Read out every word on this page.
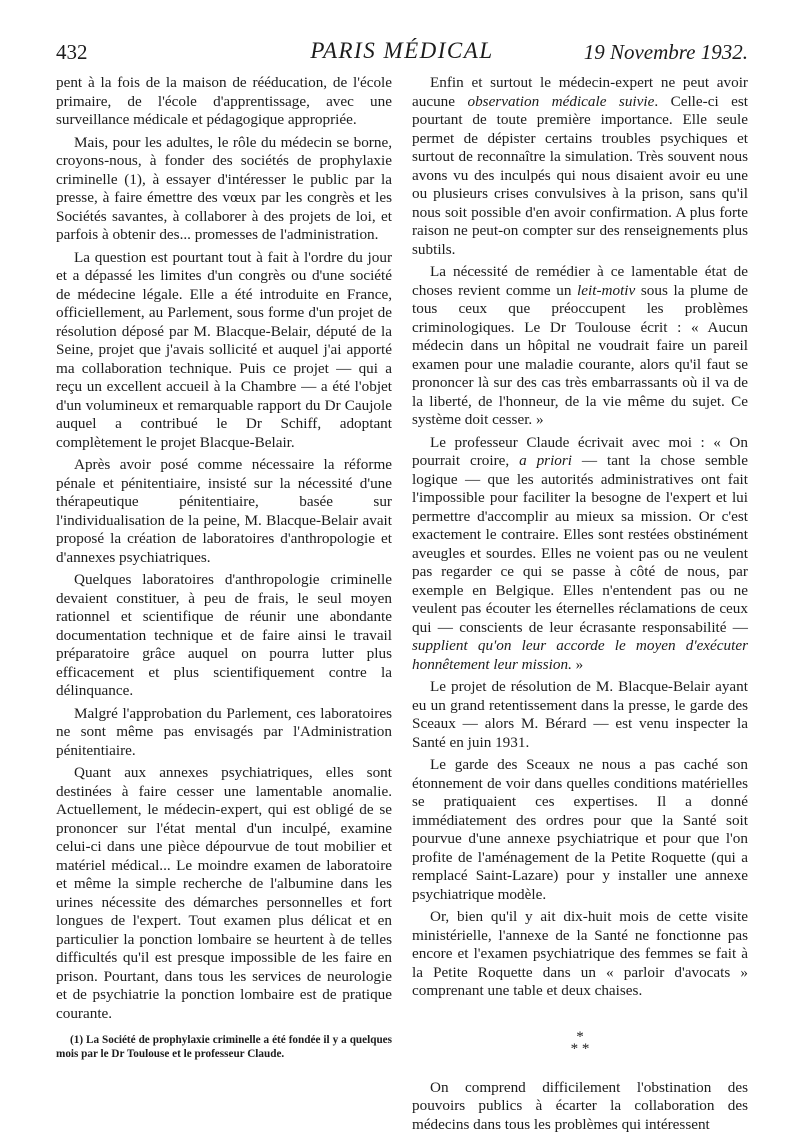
432	PARIS MÉDICAL	19 Novembre 1932.

pent à la fois de la maison de rééducation, de l'école primaire, de l'école d'apprentissage, avec une surveillance médicale et pédagogique appropriée.

Mais, pour les adultes, le rôle du médecin se borne, croyons-nous, à fonder des sociétés de prophylaxie criminelle (1), à essayer d'intéresser le public par la presse, à faire émettre des vœux par les congrès et les Sociétés savantes, à collaborer à des projets de loi, et parfois à obtenir des... promesses de l'administration.

La question est pourtant tout à fait à l'ordre du jour et a dépassé les limites d'un congrès ou d'une société de médecine légale. Elle a été introduite en France, officiellement, au Parlement, sous forme d'un projet de résolution déposé par M. Blacque-Belair, député de la Seine, projet que j'avais sollicité et auquel j'ai apporté ma collaboration technique. Puis ce projet — qui a reçu un excellent accueil à la Chambre — a été l'objet d'un volumineux et remarquable rapport du Dr Caujole auquel a contribué le Dr Schiff, adoptant complètement le projet Blacque-Belair.

Après avoir posé comme nécessaire la réforme pénale et pénitentiaire, insisté sur la nécessité d'une thérapeutique pénitentiaire, basée sur l'individualisation de la peine, M. Blacque-Belair avait proposé la création de laboratoires d'anthropologie et d'annexes psychiatriques.

Quelques laboratoires d'anthropologie criminelle devaient constituer, à peu de frais, le seul moyen rationnel et scientifique de réunir une abondante documentation technique et de faire ainsi le travail préparatoire grâce auquel on pourra lutter plus efficacement et plus scientifiquement contre la délinquance.

Malgré l'approbation du Parlement, ces laboratoires ne sont même pas envisagés par l'Administration pénitentiaire.

Quant aux annexes psychiatriques, elles sont destinées à faire cesser une lamentable anomalie. Actuellement, le médecin-expert, qui est obligé de se prononcer sur l'état mental d'un inculpé, examine celui-ci dans une pièce dépourvue de tout mobilier et matériel médical... Le moindre examen de laboratoire et même la simple recherche de l'albumine dans les urines nécessite des démarches personnelles et fort longues de l'expert. Tout examen plus délicat et en particulier la ponction lombaire se heurtent à de telles difficultés qu'il est presque impossible de les faire en prison. Pourtant, dans tous les services de neurologie et de psychiatrie la ponction lombaire est de pratique courante.

(1) La Société de prophylaxie criminelle a été fondée il y a quelques mois par le Dr Toulouse et le professeur Claude.

Enfin et surtout le médecin-expert ne peut avoir aucune observation médicale suivie. Celle-ci est pourtant de toute première importance. Elle seule permet de dépister certains troubles psychiques et surtout de reconnaître la simulation. Très souvent nous avons vu des inculpés qui nous disaient avoir eu une ou plusieurs crises convulsives à la prison, sans qu'il nous soit possible d'en avoir confirmation. A plus forte raison ne peut-on compter sur des renseignements plus subtils.

La nécessité de remédier à ce lamentable état de choses revient comme un leit-motiv sous la plume de tous ceux que préoccupent les problèmes criminologiques. Le Dr Toulouse écrit : « Aucun médecin dans un hôpital ne voudrait faire un pareil examen pour une maladie courante, alors qu'il faut se prononcer là sur des cas très embarrassants où il va de la liberté, de l'honneur, de la vie même du sujet. Ce système doit cesser. »

Le professeur Claude écrivait avec moi : « On pourrait croire, a priori — tant la chose semble logique — que les autorités administratives ont fait l'impossible pour faciliter la besogne de l'expert et lui permettre d'accomplir au mieux sa mission. Or c'est exactement le contraire. Elles sont restées obstinément aveugles et sourdes. Elles ne voient pas ou ne veulent pas regarder ce qui se passe à côté de nous, par exemple en Belgique. Elles n'entendent pas ou ne veulent pas écouter les éternelles réclamations de ceux qui — conscients de leur écrasante responsabilité — supplient qu'on leur accorde le moyen d'exécuter honnêtement leur mission. »

Le projet de résolution de M. Blacque-Belair ayant eu un grand retentissement dans la presse, le garde des Sceaux — alors M. Bérard — est venu inspecter la Santé en juin 1931.

Le garde des Sceaux ne nous a pas caché son étonnement de voir dans quelles conditions matérielles se pratiquaient ces expertises. Il a donné immédiatement des ordres pour que la Santé soit pourvue d'une annexe psychiatrique et pour que l'on profite de l'aménagement de la Petite Roquette (qui a remplacé Saint-Lazare) pour y installer une annexe psychiatrique modèle.

Or, bien qu'il y ait dix-huit mois de cette visite ministérielle, l'annexe de la Santé ne fonctionne pas encore et l'examen psychiatrique des femmes se fait à la Petite Roquette dans un « parloir d'avocats » comprenant une table et deux chaises.

*
* *

On comprend difficilement l'obstination des pouvoirs publics à écarter la collaboration des médecins dans tous les problèmes qui intéressent
